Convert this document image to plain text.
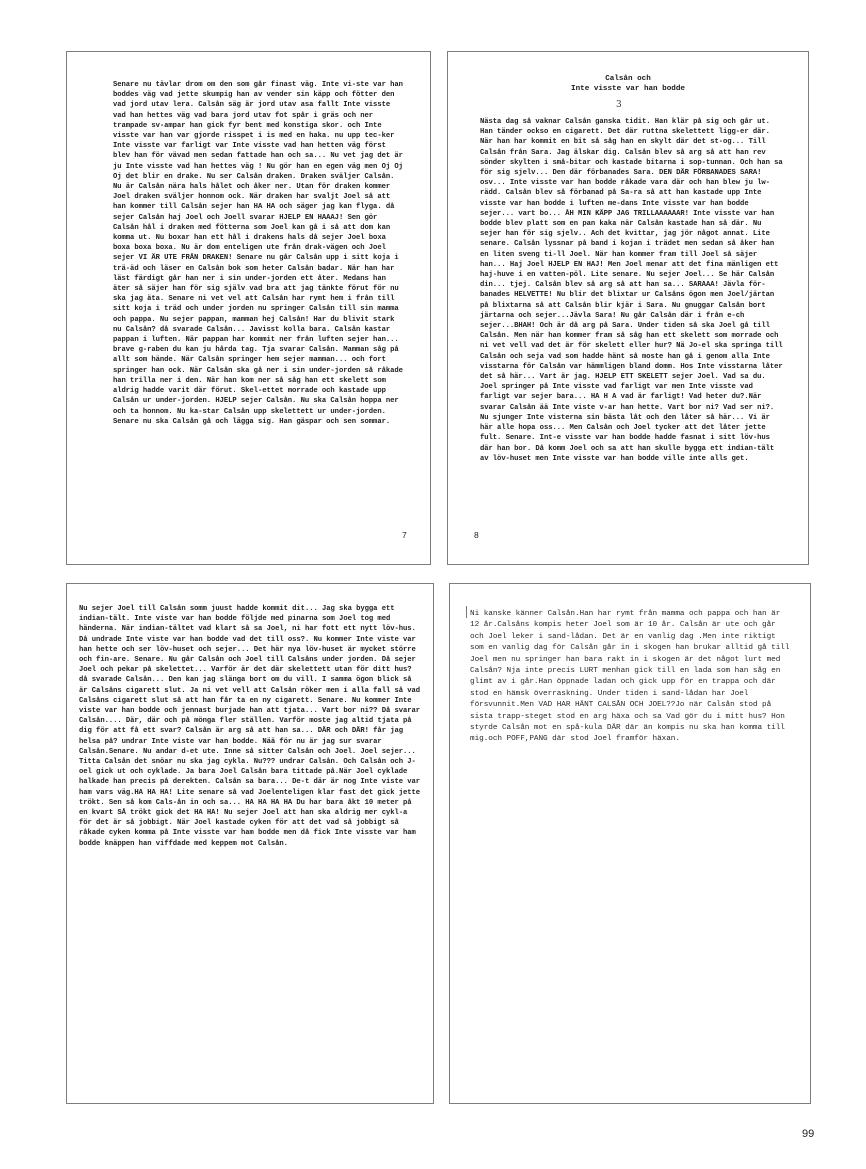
Senare nu tävlar drom om den som går finast väg. Inte vi-ste var han boddes väg vad jette skumpig han av vender sin käpp och fötter den vad jord utav lera. Calsån säg är jord utav asa fallt Inte visste vad han hettes väg vad bara jord utav fot spår i gräs och ner trampade sv-ampar han gick fyr bent med konstiga skor. och Inte visste var han var gjorde risspet i is med en haka. nu upp tec-ker Inte visste var farligt var Inte visste vad han hetten väg först blev han för vävad men sedan fattade han och sa... Nu vet jag det är ju Inte visste vad han hettes väg ! Nu gör han en egen väg men Oj Oj Oj det blir en drake. Nu ser Calsån draken. Draken sväljer Calsån. Nu är Calsån nära hals hålet och åker ner. Utan för draken kommer Joel draken sväljer honnom ock. När draken har svaljt Joel så att han kommer till Calsån sejer han HA HA och säger jag kan flyga. då sejer Calsån haj Joel och Joell svarar HJELP EN HAAAJ! Sen gör Calsån hål i draken med fötterna som Joel kan gå i så att dom kan komma ut. Nu boxar han ett hål i drakens hals då sejer Joel boxa boxa boxa boxa. Nu är dom enteligen ute från drak-vägen och Joel sejer VI ÄR UTE FRÅN DRAKEN! Senare nu går Calsån upp i sitt koja i trä-äd och läser en Calsån bok som heter Calsån badar. När han har läst färdigt går han ner i sin under-jorden ett åter. Medans han äter så säjer han för sig själv vad bra att jag tänkte förut för nu ska jag äta. Senare ni vet vel att Calsån har rymt hem i från till sitt koja i träd och under jorden nu springer Calsån till sin mamma och pappa. Nu sejer pappan, mamman hej Calsån! Har du blivit stark nu Calsån? då svarade Calsån... Javisst kolla bara. Calsån kastar pappan i luften. När pappan har kommit ner från luften sejer han... brave g-raben du kan ju hårda tag. Tja svarar Calsån. Mamman såg på allt som hände. När Calsån springer hem sejer mamman... och fort springer han ock. När Calsån ska gå ner i sin under-jorden så råkade han trilla ner i den. När han kom ner så såg han ett skelett som aldrig hadde varit där förut. Skel-ettet morrade och kastade upp Calsån ur under-jorden. HJELP sejer Calsån. Nu ska Calsån hoppa ner och ta honnom. Nu ka-star Calsån upp skelettett ur under-jorden. Senare nu ska Calsån gå och lägga sig. Han gäspar och sen sommar.
7
Calsån och
Inte visste var han bodde
3
Nästa dag så vaknar Calsån ganska tidit. Han klär på sig och går ut. Han tänder ockso en cigarett. Det där ruttna skelettett ligg-er där. När han har kommit en bit så såg han en skylt där det st-og... Till Calsån från Sara. Jag älskar dig. Calsån blev så arg så att han rev sönder skylten i små-bitar och kastade bitarna i sop-tunnan. Och han sa för sig sjelv... Den där förbanades Sara. DEN DÄR FÖRBANADES SARA! osv... Inte visste var han bodde råkade vara där och han blew ju lw-rädd. Calsån blev så förbanad på Sa-ra så att han kastade upp Inte visste var han bodde i luften me-dans Inte visste var han bodde sejer... vart bo... ÅH MIN KÄPP JAG TRILLAAAAAAR! Inte visste var han bodde blev platt som en pan kaka när Calsån kastade han så där. Nu sejer han för sig sjelv.. Ach det kvittar, jag jör något annat. Lite senare. Calsån lyssnar på band i kojan i trädet men sedan så åker han en liten sveng ti-ll Joel. När han kommer fram till Joel så säjer han... Haj Joel HJELP EN HAJ! Men Joel menar att det fina mänligen ett haj-huve i en vatten-pöl. Lite senare. Nu sejer Joel... Se här Calsån din... tjej. Calsån blev så arg så att han sa... SARAAA! Jävla för-banades HELVETTE! Nu blir det blixtar ur Calsåns ögon men Joel/järtan på blixtarna så att Calsån blir kjär i Sara. Nu gnuggar Calsån bort järtarna och sejer...Jävla Sara! Nu går Calsån där i från e-ch sejer...BHAH! Och är då arg på Sara. Under tiden så ska Joel gå till Calsån. Men när han kommer fram så såg han ett skelett som morrade och ni vet vell vad det är för skelett eller hur? Nä Jo-el ska springa till Calsån och seja vad som hadde hänt så moste han gå i genom alla Inte visstarna för Calsån var hämmligen bland domm. Hos Inte visstarna låter det så här... Vart är jag. HJELP ETT SKELETT sejer Joel. Vad sa du. Joel springer på Inte visste vad farligt var men Inte visste vad farligt var sejer bara... HA H A vad är farligt! Vad heter du?.När svarar Calsån ää Inte viste v-ar han hette. Vart bor ni? Vad ser ni?. Nu sjunger Inte visterna sin bästa låt och den låter så här... Vi är här alle hopa oss... Men Calsån och Joel tycker att det låter jette fult. Senare. Int-e visste var han bodde hadde fasnat i sitt löv-hus där han bor. Då komm Joel och sa att han skulle bygga ett indian-tält av löv-huset men Inte visste var han bodde ville inte alls get.
8
Nu sejer Joel till Calsån somm juust hadde kommit dit... Jag ska bygga ett indian-tält. Inte viste var han bodde följde med pinarna som Joel tog med händerna. När indian-tältet vad klart så sa Joel, ni har fott ett nytt löv-hus. Då undrade Inte viste var han bodde vad det till oss?. Nu kommer Inte viste var han hette och ser löv-huset och sejer... Det här nya löv-huset är mycket större och fin-are. Senare. Nu går Calsån och Joel till Calsåns under jorden. Då sejer Joel och pekar på skelettet... Varför är det där skelettett utan för ditt hus? då svarade Calsån... Den kan jag slänga bort om du vill. I samma ögon blick så är Calsåns cigarett slut. Ja ni vet vell att Calsån röker men i alla fall så vad Calsåns cigarett slut så att han får ta en ny cigarett. Senare. Nu kommer Inte viste var han bodde och jennast burjade han att tjata... Vart bor ni?? Då svarar Calsån.... Där, där och på mönga fler ställen. Varför moste jag altid tjata på dig för att få ett svar? Calsån är arg så att han sa... DÄR och DÄR! får jag helsa på? undrar Inte viste var han bodde. Nää för nu är jag sur svarar Calsån.Senare. Nu andar d-et ute. Inne så sitter Calsån och Joel. Joel sejer... Titta Calsån det snöar nu ska jag cykla. Nu??? undrar Calsån. Och Calsån och J-oel gick ut och cyklade. Ja bara Joel Calsån bara tittade på.När Joel cyklade halkade han precis på derekten. Calsån sa bara... De-t där är nog Inte viste var ham vars väg.HA HA HA! Lite senare så vad Joelenteligen klar fast det gick jette trökt. Sen så kom Cals-ån in och sa... HA HA HA HA Du har bara åkt 10 meter på en kvart SÅ trökt gick det HA HA! Nu sejer Joel att han ska aldrig mer cykl-a för det är så jobbigt. När Joel kastade cyken för att det vad så jobbigt så råkade cyken komma på Inte visste var ham bodde men då fick Inte visste var ham bodde knäppen han viffdade med keppem mot Calsån.
Ni kanske känner Calsån.Han har rymt från mamma och pappa och han är 12 år.Calsåns kompis heter Joel som är 10 år. Calsån är ute och går och Joel leker i sand-lådan. Det är en vanlig dag .Men inte riktigt som en vanlig dag för Calsån går in i skogen han brukar alltid gå till Joel men nu springer han bara rakt in i skogen är det något lurt med Calsån? Nja inte precis LURT menhan gick till en lada som han såg en glimt av i går.Han öppnade ladan och gick upp för en trappa och där stod en hämsk överraskning. Under tiden i sand-lådan har Joel försvunnit.Men VAD HAR HÄNT CALSÅN OCH JOEL??Jo när Calsån stod på sista trapp-steget stod en arg häxa och sa Vad gör du i mitt hus? Hon styrde Calsån mot en spå-kula DÄR där än kompis nu ska han komma till mig.och POFF,PANG där stod Joel framför häxan.
99
